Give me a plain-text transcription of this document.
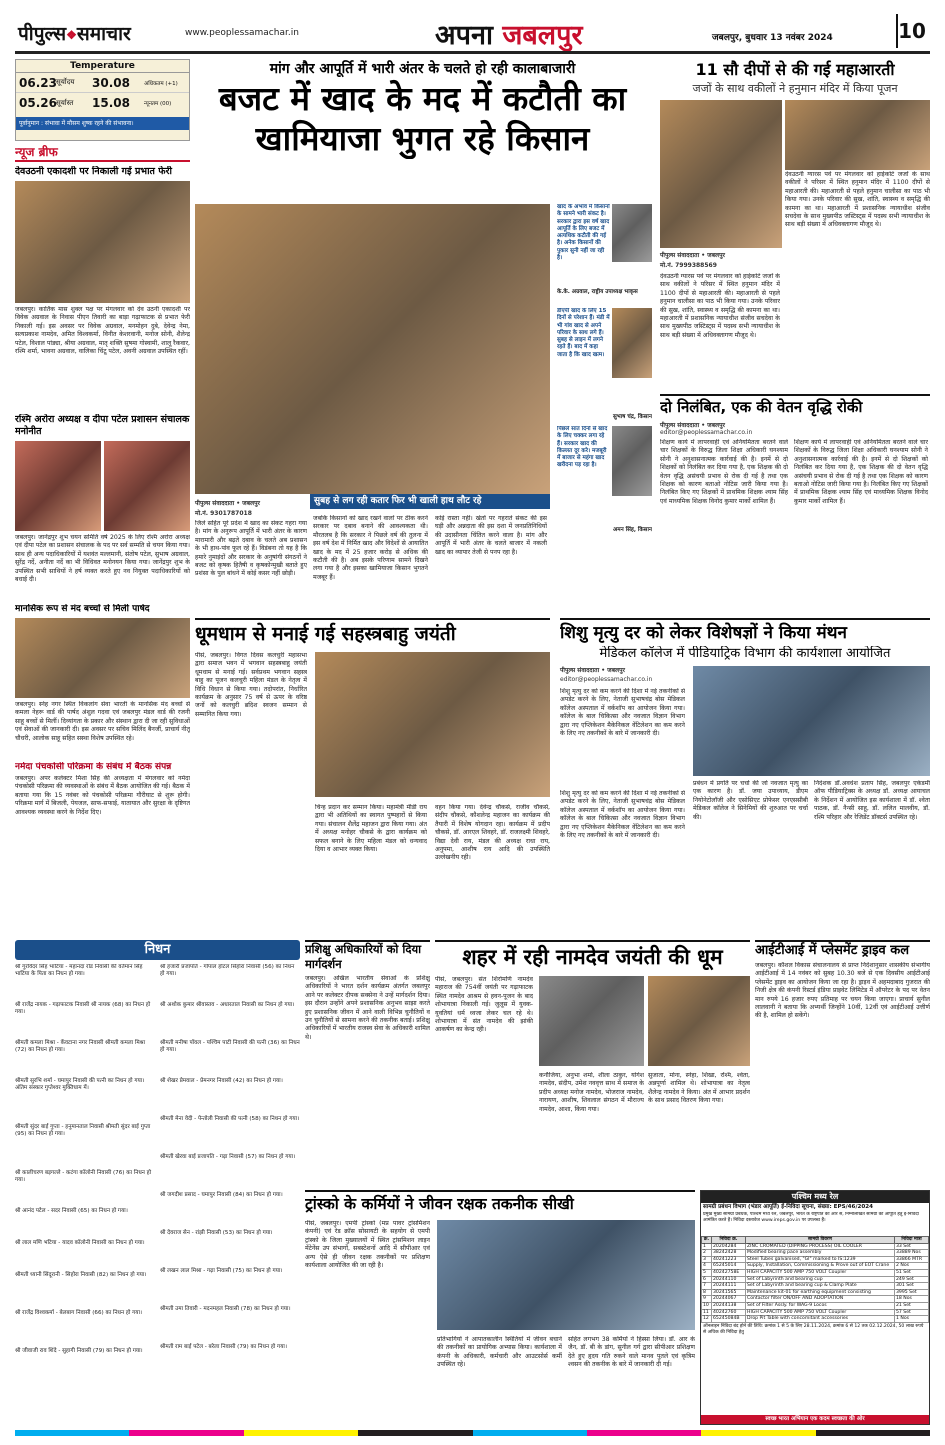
पीपुल्स❖समाचार	www.peoplessamachar.in	अपना जबलपुर	जबलपुर, बुधवार 13 नवंबर 2024	10
Temperature
06.23 सूर्योदय	30.08	अधिकतम (+1)
05.26 सूर्यास्त	15.08	न्यूनतम (00)
पूर्वानुमान : संभावा में मौसम शुष्क रहने की संभावना।
न्यूज ब्रीफ
देवउठनी एकादशी पर निकाली गई प्रभात फेरी
जबलपुर। कार्तिक मास शुक्ल पक्ष पर मंगलवार को देव उठनी एकादशी पर विवेक अग्रवाल के निवास पीएन तिवारी का बाड़ा गढ़ाफाटक से प्रभात फेरी निकाली गई। इस अवसर पर विवेक अग्रवाल, मनमोहन दुबे, देवेन्द्र नेमा, सत्यप्रकाश नामदेव, अमित विश्वकर्मा, विनीत केशरवानी, मनोज सोनी, शैलेन्द्र पटेल, विशाल पांड्या, श्रीया अग्रवाल, मातृ शक्ति सुषमा गोस्वामी, शालू रैकवार, रश्मि शर्मा, भावना अग्रवाल, वालिका चिंटू पटेल, अवनी अग्रवाल उपस्थित रहीं।
रश्मि अरोरा अध्यक्ष व दीपा पटेल प्रशासन संचालक मनोनीत
जबलपुर। जानेंद्रपुर शुभ चयन समिति वर्ष 2025 के लिए रश्मि अरोरा अध्यक्ष एवं दीपा पटेल का प्रशासन संचालक के पद पर सर्व सम्मति से चयन किया गया। साथ ही अन्य पदाधिकारियों में यशवंत मल्लमानी, संतोष पटेल, सुभाष अग्रवाल, सुरेंद्र नर्दे, अनीता नर्दे का भी विधिवत मनोनयन किया गया। जानेंद्रपुर शुभ के उपस्थित सभी साथियों ने हर्ष व्यक्त करते हुए नव नियुक्त पदाधिकारियों को बधाई दी।
मानसिक रूप से मंद बच्चों से मिली पार्षद
जबलपुर। स्नेह नगर स्थित विकलांग सेवा भारती के मानसिक मंद बच्चों से कमला नेहरू वार्ड की पार्षद अंशुल गदवा एवं जबलपुर मंडल वार्ड की रजनी साहू बच्चों से मिलीं। दिव्यांगता के प्रकार और संस्थान द्वारा दी जा रही सुविधाओं एवं सेवाओं की जानकारी दी। इस अवसर पर सचिव मिलिंद बैनर्जी, प्राचार्य नीतू चौधरी, आलोक साहू सहित सस्था विशेष उपस्थित रहे।
नर्मदा पंचकोसी परिक्रमा के संबंध में बैठक संपन्न
जबलपुर। अपर कलेक्टर मिशा सिंह की अध्यक्षता में मंगलवार को नर्मदा पंचकोसी परिक्रमा की व्यवस्थाओं के संबंध में बैठक आयोजित की गई। बैठक में बताया गया कि 15 नवंबर को पंचकोसी परिक्रमा गौरीघाट से शुरू होगी। परिक्रमा मार्ग में बिजली, पेयजल, साफ-सफाई, यातायात और सुरक्षा के दृष्टिगत आवश्यक व्यवस्था करने के निर्देश दिए।
मांग और आपूर्ति में भारी अंतर के चलते हो रही कालाबाजारी
बजट में खाद के मद में कटौती का
खामियाजा भुगत रहे किसान
सुबह से लग रही कतार फिर भी खाली हाथ लौट रहे
पीपुल्स संवाददाता • जबलपुर
मो.नं. 9301787018
जिले सहित पूरे प्रदेश में खाद का संकट गहरा गया है। मांग के अनुरूप आपूर्ति में भारी अंतर के कारण मारामारी और बढ़ते दबाव के चलते अब प्रशासन के भी हाथ-पांव फूल रहे हैं। विडंबना तो यह है कि हमारे नुमाइंदों और सरकार के अनुषांगी संगठनों ने बजट को कृषक हितैषी व कृषकोन्मुखी बताते हुए प्रशंसा के पुल बांधने में कोई कसर नहीं छोड़ी।
जबकि किसानों को खाद रखने वालों पर ठीक करने सरकार पर दबाव बनाने की आवश्यकता थी। मौरतलब है कि सरकार ने पिछले वर्ष की तुलना में इस वर्ष देश में निर्मित खाद और विदेशों से आयातित खाद के मद में 25 हजार करोड़ से अधिक की कटौती की है। अब इसके परिणाम सामने दिखने लगा गया है और इसका खामियाजा किसान भुगतने मजबूर हैं।
कोई रास्ता नहीं। खेतों पर गहराते संकट की इस घड़ी और अन्नदाता की इस दशा में जनप्रतिनिधियों की उदासीनता चिंतित करने वाला है। मांग और आपूर्ति में भारी अंतर के चलते बाजार में नकली खाद का व्यापार तेजी से पनप रहा है।
खाद के अभाव में किसानों के सामने भारी संकट है। सरकार द्वारा इस वर्ष खाद आपूर्ति के लिए बजट में अत्यधिक कटौती की गई है। अनेक किसानों की पुकार सुनी नहीं जा रही है।
के.के. अग्रवाल, राष्ट्रीय उपाध्यक्ष भाकृस
डीएपी खाद के लिए 15 दिनों से परेशान हैं। मंडी में भी गांव खाद से अपने परिवार के साथ लगे हैं। सुबह से लाइन में लगने रहते हैं। बाद में कहा जाता है कि खाद खत्म।
सुभाष चंद्र, किसान
पिछले सात दिनों से खाद के लिए चक्कर लगा रहे हैं। सरकार खाद की किल्लत दूर करे। मजबूरी में बाजार से महंगा खाद खरीदना पड़ रहा है।
अमन सिंह, किसान
11 सौ दीपों से की गई महाआरती
जजों के साथ वकीलों ने हनुमान मंदिर में किया पूजन
पीपुल्स संवाददाता • जबलपुर
मो.नं. 7999388569
देवउठनी ग्यारस पर्व पर मंगलवार को हाईकोर्ट जजों के साथ वकीलों ने परिसर में स्थित हनुमान मंदिर में 1100 दीपों से महाआरती की। महाआरती से पहले हनुमान चालीसा का पाठ भी किया गया। उनके परिवार की सुख, शांति, स्वास्थ्य व समृद्धि की कामना का था। महाआरती में प्रशासनिक न्यायाधीश संजीव सचदेवा के साथ मुख्यपीठ जस्टिस्ट्स में पदस्थ सभी न्यायाधीश के साथ बड़ी संख्या में अधिवक्तागण मौजूद थे।
देवउठनी ग्यारस पर्व पर मंगलवार को हाईकोर्ट जजों के साथ वकीलों ने परिसर में स्थित हनुमान मंदिर में 1100 दीपों से महाआरती की। महाआरती से पहले हनुमान चालीसा का पाठ भी किया गया। उनके परिवार की सुख, शांति, स्वास्थ्य व समृद्धि की कामना का था। महाआरती में प्रशासनिक न्यायाधीश संजीव सचदेवा के साथ मुख्यपीठ जस्टिस्ट्स में पदस्थ सभी न्यायाधीश के साथ बड़ी संख्या में अधिवक्तागण मौजूद थे।
दो निलंबित, एक की वेतन वृद्धि रोकी
पीपुल्स संवाददाता • जबलपुर
editor@peoplessamachar.co.in
शिक्षण कार्य में लापरवाही एवं अनियमितता बरतने वाले चार शिक्षकों के विरुद्ध जिला शिक्षा अधिकारी घनश्याम सोनी ने अनुशासनात्मक कार्रवाई की है। इनमें से दो शिक्षकों को निलंबित कर दिया गया है, एक शिक्षक की दो वेतन वृद्धि असंचयी प्रभाव से रोक दी गई है तथा एक शिक्षक को कारण बताओ नोटिस जारी किया गया है। निलंबित किए गए शिक्षकों में प्राथमिक शिक्षक श्याम सिंह एवं माध्यमिक शिक्षक विनोद कुमार मार्को शामिल हैं।
शिक्षण कार्य में लापरवाही एवं अनियमितता बरतने वाले चार शिक्षकों के विरुद्ध जिला शिक्षा अधिकारी घनश्याम सोनी ने अनुशासनात्मक कार्रवाई की है। इनमें से दो शिक्षकों को निलंबित कर दिया गया है, एक शिक्षक की दो वेतन वृद्धि असंचयी प्रभाव से रोक दी गई है तथा एक शिक्षक को कारण बताओ नोटिस जारी किया गया है। निलंबित किए गए शिक्षकों में प्राथमिक शिक्षक श्याम सिंह एवं माध्यमिक शिक्षक विनोद कुमार मार्को शामिल हैं।
धूमधाम से मनाई गई सहस्त्रबाहु जयंती
पीसं, जबलपुर। विगत दिवस कलचुरी महासभा द्वारा समाज भवन में भगवान सहस्त्रबाहु जयंती धूमधाम से मनाई गई। सर्वप्रथम भगवान सहस्त्र बाहु का पूजन कलचुरी महिला मंडल के नेतृत्व में विधि विधान से किया गया। तदोपरांत, निर्धारित कार्यक्रम के अनुसार 75 वर्ष से ऊपर के वरिष्ठ जनों को कलचुरी ब्रदिश स्वजन सम्मान से सम्मानित किया गया।
चिन्ह प्रदान कर सम्मान किया। महामंत्री मीडी राय द्वारा भी अतिथियों का स्वागत पुष्पहारों से किया गया। संचालन शैलेंद्र महाजन द्वारा किया गया। अंत में अध्यक्ष मनोहर चौकसे के द्वारा कार्यक्रम को सफल बनाने के लिए महिला मंडल को धन्यवाद दिया व आभार व्यक्त किया।
वहन किया गया। देवेन्द्र चौकसे, राजीव चौकसे, संदीप चौकसे, कौशलेन्द्र महाजन का कार्यक्रम की तैयारी में विशेष योगदान रहा। कार्यक्रम में प्रदीप चौकसे, डॉ. आरएल शिवहरे, डॉ. राजलक्ष्मी शिवहरे, विद्या देवी राय, मंडल की अध्यक्ष राधा राय, अनुपमा, आशीष राय आदि की उपस्थिति उल्लेखनीय रही।
शिशु मृत्यु दर को लेकर विशेषज्ञों ने किया मंथन
मेडिकल कॉलेज में पीडियाट्रिक विभाग की कार्यशाला आयोजित
पीपुल्स संवाददाता • जबलपुर
editor@peoplessamachar.co.in
शिशु मृत्यु दर को कम करने की दिशा में नई तकनीकों से अपडेट करने के लिए, नेताजी सुभाषचंद्र बोस मेडिकल कॉलेज अस्पताल में वर्कशॉप का आयोजन किया गया। कॉलेज के बाल चिकित्सा और नवजात विज्ञान विभाग द्वारा नए एप्लिकेशन मैकेनिकल वेंटिलेशन का कम करने के लिए नए तकनीकों के बारे में जानकारी दी।
प्रबंधन में प्रगति पर चर्चा की जो नवजात मृत्यु का एक कारण है। डॉ. जया उपाध्याय, डीएम नियोनेटोलॉजी और एसोसिएट प्रोफेसर एनएससीबी मेडिकल कॉलेज ने सिनेमियों की शुरुआत पर चर्चा की।
निदेशक डॉ.अवधेश प्रताप सिंह, जबलपुर एकेडमी ऑफ पीडियाट्रिक्स के अध्यक्ष डॉ. अध्यक्ष आयाचल के निर्देशन में आयोजित इस कार्यशाला में डॉ. श्वेता पाठक, डॉ. नैन्सी साहू, डॉ. ललित मालवीय, डॉ. रश्मि परिहार और रेजिडेंट डॉक्टर्स उपस्थित रहे।
शिशु मृत्यु दर को कम करने की दिशा में नई तकनीकों से अपडेट करने के लिए, नेताजी सुभाषचंद्र बोस मेडिकल कॉलेज अस्पताल में वर्कशॉप का आयोजन किया गया। कॉलेज के बाल चिकित्सा और नवजात विज्ञान विभाग द्वारा नए एप्लिकेशन मैकेनिकल वेंटिलेशन का कम करने के लिए नए तकनीकों के बारे में जानकारी दी।
निधन
श्री गुरविंदर सिंह भाटिया - महानंदा रोड निवासी की वर्तमान सिंह भाटिया के पिता का निधन हो गया।
श्री राजेंद्र नायक - गढ़ाफाटक निवासी श्री नायक (68) का निधन हो गया।
श्रीमती कमला मिश्रा - केंवटाना नगर निवासी श्रीमती कमला मिश्रा (72) का निधन हो गया।
श्रीमती सुरभि शर्मा - घमापुर निवासी की पत्नी का निधन हो गया। अंतिम संस्कार गुप्तेश्वर मुक्तिधाम में।
श्रीमती सुंदर बाई गुप्ता - हनुमानताल निवासी श्रीमती सुंदर बाई गुप्ता (95) का निधन हो गया।
श्री कालीचरण बड़गल्ले - कटंगा कॉलोनी निवासी (76) का निधन हो गया।
श्री आनंद पटेल - सदर निवासी (65) का निधन हो गया।
श्री लाल मणि भटिया - यादव कॉलोनी निवासी का निधन हो गया।
श्रीमती ध्यानी सिंदूरानी - सिहोरा निवासी (82) का निधन हो गया।
श्री राजेंद्र विश्वकर्मा - बेलबाग निवासी (66) का निधन हो गया।
श्री जीवाजी राव शिंदे - सुहागी निवासी (79) का निधन हो गया।
श्री हजारी प्रजापति - गोपाल होटल सिहोरा निवासी (56) का निधन हो गया।
श्री अशोक कुमार श्रीवास्तव - अधारताल निवासी का निधन हो गया।
श्रीमती मनीषा पॉवल - पश्चिम पाटी निवासी की पत्नी (36) का निधन हो गया।
श्री शेखर प्रेमवाल - प्रेमनगर निवासी (42) का निधन हो गया।
श्रीमती मेना वेदी - पेन्तोली निवासी की पत्नी (58) का निधन हो गया।
श्रीमती खेरवा बाई प्रजापति - गढ़ा निवासी (57) का निधन हो गया।
श्री जगदीश प्रसाद - घमापुर निवासी (84) का निधन हो गया।
श्री देवराज सेन - रांझी निवासी (53) का निधन हो गया।
श्री लखन लाल मिश्रा - गढ़ा निवासी (75) का निधन हो गया।
श्रीमती उमा तिवारी - मदनमहल निवासी (78) का निधन हो गया।
श्रीमती राम बाई पटेल - बरेला निवासी (79) का निधन हो गया।
प्रशिक्षु अधिकारियों को दिया मार्गदर्शन
जबलपुर। अखिल भारतीय सेवाओं के प्रशिक्षु अधिकारियों ने भारत दर्शन कार्यक्रम अंतर्गत जबलपुर आने पर कलेक्टर दीपक सक्सेना ने उन्हें मार्गदर्शन दिया। इस दौरान उन्होंने अपने प्रशासनिक अनुभव साझा करते हुए प्रशासनिक जीवन में आने वाली विभिन्न चुनौतियों व उन चुनौतियों से सामना करने की तकनीक बताई। प्रशिक्षु अधिकारियों में भारतीय राजस्व सेवा के अधिकारी शामिल थे।
शहर में रही नामदेव जयंती की धूम
पीसं, जबलपुर। संत शिरोमणि नामदेव महाराज की 754वीं जयंती पर गढ़ाफाटक स्थित नामदेव आश्रम से हवन-पूजन के बाद शोभायात्रा निकाली गई। जुलूस में युवक-युवतियां धर्म ध्वजा लेकर चल रहे थे। शोभायात्रा में संत नामदेव की झांकी आकर्षण का केन्द्र रही।
कनौजिया, अनुभा शर्मा, शीला ठाकुर, योगेश नामदेव, संदीप, उमेश नववृत्त साथ में समाज के प्रदीप अध्यक्ष मनोज नामदेव, भोजराज नामदेव, नारायण, आशीष, शिवलाल संगठन में मौराज्य नामदेव, आशा, किया गया।
सुजाता, मोना, स्नेहा, शिखा, रश्मि, श्वेता, अन्नपूर्णा शामिल थे। शोभायात्रा का नेतृत्व शैलेन्द्र नामदेव ने किया। अंत में आभार प्रदर्शन के साथ प्रसाद वितरण किया गया।
आईटीआई में प्लेसमेंट ड्राइव कल
जबलपुर। कौशल विकास संचालनालय से प्राप्त निर्देशानुसार शासकीय संभागीय आईटीआई में 14 नवंबर को सुबह 10.30 बजे से एक दिवसीय आईटीआई प्लेसमेंट ड्राइव का आयोजन किया जा रहा है। ड्राइव में अहमदाबाद गुजरात की निजी क्षेत्र की कंपनी रिस्टर्ड इंडिया प्राइवेट लिमिटेड में ऑपरेटर के पद पर वेतन मान रुपये 16 हजार रुपए प्रतिमाह पर चयन किया जाएगा। प्राचार्य सुनील लालवानी ने बताया कि अभ्यर्थी जिन्होंने 10वीं, 12वीं एवं आईटीआई उत्तीर्ण की है, शामिल हो सकेंगे।
ट्रांस्को के कर्मियों ने जीवन रक्षक तकनीक सीखी
पीसं, जबलपुर। एमपी ट्रांस्को (मप्र पावर ट्रांसमिशन कंपनी) एवं रेड क्रॉस सोसायटी के सहयोग से एमपी ट्रांस्को के जिला मुख्यालयों में स्थित ट्रांसमिशन लाइन मेंटेनेंस उप संभागों, सबस्टेशनों आदि में सीपीआर एवं अन्य ऐसे ही जीवन रक्षक तकनीकों पर प्रशिक्षण कार्यशाला आयोजित की जा रही है।
प्रतिभागियों ने आपातकालीन स्थितियों में जीवन बचाने की तकनीकों का प्रायोगिक अभ्यास किया। कार्यशाला में कंपनी के अधिकारी, कर्मचारी और आउटसोर्स कर्मी उपस्थित रहे।
सहित लगभग 38 कर्मियों ने हिस्सा लिया। डॉ. आर के जैन, डॉ. बी के डांग, सुनील गर्ग द्वारा सीपीआर प्रशिक्षण देते हुए हृदय गति रुकने वाले मानव पुतले एवं कृत्रिम श्वसन की तकनीक के बारे में जानकारी दी गई।
पश्चिम मध्य रेल
सामग्री प्रबंधन विभाग (भंडार आपूर्ति) ई-निविदा सूचना, संख्या: EPS/46/2024
प्रमुख मुख्य सामग्री प्रबंधक, पश्चिम मध्य रेल, जबलपुर, भारत के राष्ट्रपति की ओर से, निम्नलिखित सामग्री की आपूर्ति हेतु ई-निविदा आमंत्रित करते हैं। निविदा दस्तावेज www.ireps.gov.in पर उपलब्ध हैं।
क्र.	निविदा क्र.	सामग्री विवरण	निविदा मात्रा
1	20204284	ZINC CROMATED (DIPPING PROCESS) OIL COOLER	33 Set
2	38242428	Modified bearing pace assembly	33889 Nos
3	40241223	Steel Tubes galvanised, "GI" marked to IS:1239	33866 MTR
4	65245014	Supply, Installation, Commissioning & Prove out of EOT Crane	2 Nos
5	40242758E	HIGH CAPACITY 500 AMP 750 VOLT Coupler	51 Set
6	20244110	Set of Labyrinth and bearing cup	249 Set
7	20244111	Set of Labyrinth and bearing cup & Clamp Plate	301 Set
8	30241565	Maintenance kit-01 for earthing equipment consisting	3995 Set
9	20244067	Contactor filter ON/OFF AND ADOPTATION	18 Nos
10	20244138	Set of Filter Assly. for WAG-9 Locos	21 Set
11	40242760	HIGH CAPACITY 500 AMP 750 VOLT Coupler	57 Set
12	65245084B	Drop Pit Table with concomitant accessories	1 Nos
ऑनलाइन निविदा बंद होने की तिथि: क्रमांक 1 से 5 के लिए 28.11.2024, क्रमांक 6 से 12 तक 02.12.2024, 50 लाख रुपये से अधिक की निविदा हेतु
स्वच्छ भारत अभियान एक कदम स्वच्छता की ओर
